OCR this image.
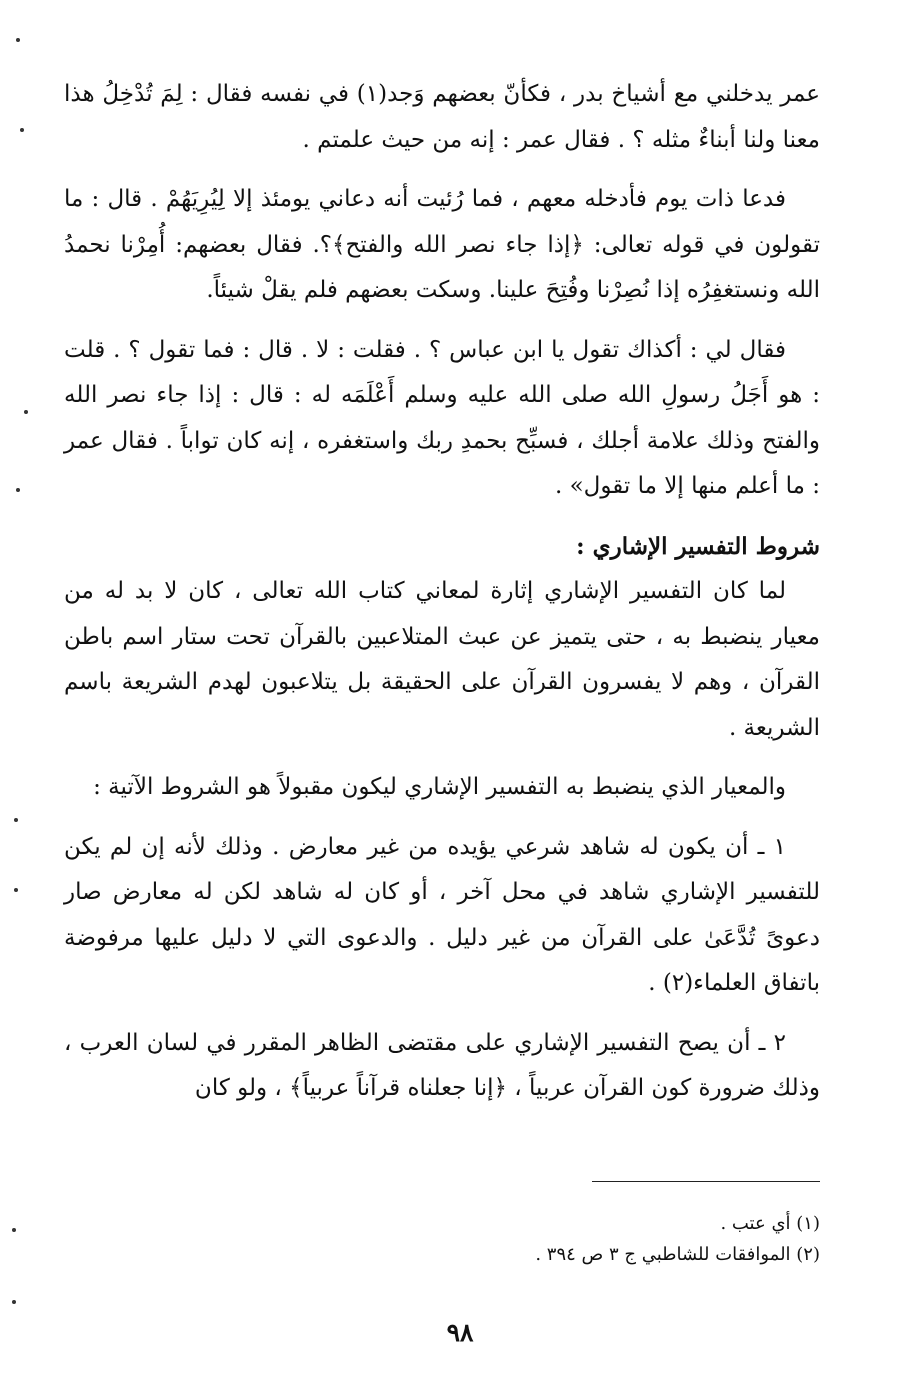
عمر يدخلني مع أشياخ بدر ، فكأنّ بعضهم وَجد(١) في نفسه فقال : لِمَ تُدْخِلُ هذا معنا ولنا أبناءٌ مثله ؟ . فقال عمر : إنه من حيث علمتم .

فدعا ذات يوم فأدخله معهم ، فما رُئيت أنه دعاني يومئذ إلا لِيُرِيَهُمْ . قال : ما تقولون في قوله تعالى: ﴿إذا جاء نصر الله والفتح﴾؟. فقال بعضهم: أُمِرْنا نحمدُ الله ونستغفِرُه إذا نُصِرْنا وفُتِحَ علينا. وسكت بعضهم فلم يقلْ شيئاً.

فقال لي : أكذاك تقول يا ابن عباس ؟ . فقلت : لا . قال : فما تقول ؟ . قلت : هو أَجَلُ رسولِ الله صلى الله عليه وسلم أَعْلَمَه له : قال : إذا جاء نصر الله والفتح وذلك علامة أجلك ، فسبِّح بحمدِ ربك واستغفره ، إنه كان تواباً . فقال عمر : ما أعلم منها إلا ما تقول» .

شروط التفسير الإشاري :

لما كان التفسير الإشاري إثارة لمعاني كتاب الله تعالى ، كان لا بد له من معيار ينضبط به ، حتى يتميز عن عبث المتلاعبين بالقرآن تحت ستار اسم باطن القرآن ، وهم لا يفسرون القرآن على الحقيقة بل يتلاعبون لهدم الشريعة باسم الشريعة .

والمعيار الذي ينضبط به التفسير الإشاري ليكون مقبولاً هو الشروط الآتية :

١ ـ أن يكون له شاهد شرعي يؤيده من غير معارض . وذلك لأنه إن لم يكن للتفسير الإشاري شاهد في محل آخر ، أو كان له شاهد لكن له معارض صار دعوىً تُدَّعَىٰ على القرآن من غير دليل . والدعوى التي لا دليل عليها مرفوضة باتفاق العلماء(٢) .

٢ ـ أن يصح التفسير الإشاري على مقتضى الظاهر المقرر في لسان العرب ، وذلك ضرورة كون القرآن عربياً ، ﴿إنا جعلناه قرآناً عربياً﴾ ، ولو كان

(١) أي عتب .

(٢) الموافقات للشاطبي ج ٣ ص ٣٩٤ .

٩٨
